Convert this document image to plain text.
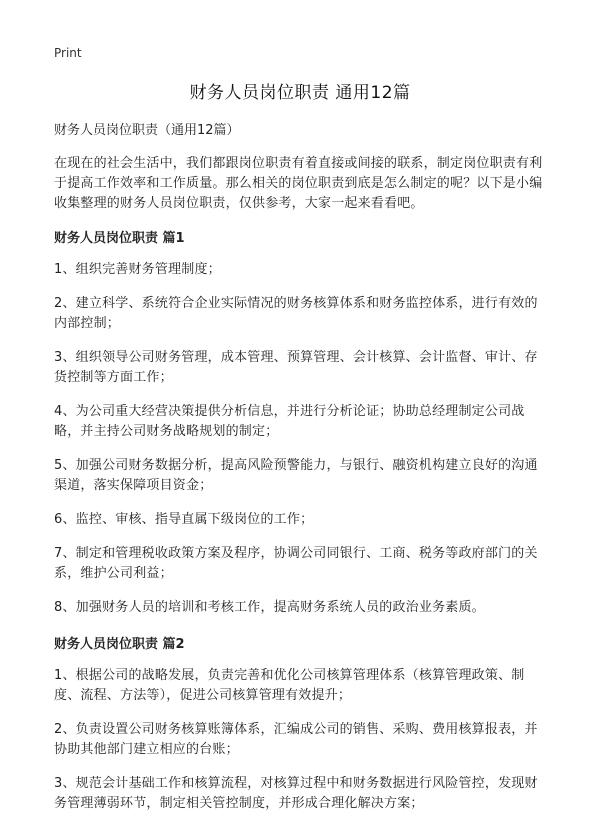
Print
财务人员岗位职责 通用12篇

财务人员岗位职责（通用12篇）

在现在的社会生活中，我们都跟岗位职责有着直接或间接的联系，制定岗位职责有利于提高工作效率和工作质量。那么相关的岗位职责到底是怎么制定的呢？以下是小编收集整理的财务人员岗位职责，仅供参考，大家一起来看看吧。

财务人员岗位职责 篇1

1、组织完善财务管理制度；

2、建立科学、系统符合企业实际情况的财务核算体系和财务监控体系，进行有效的内部控制；

3、组织领导公司财务管理，成本管理、预算管理、会计核算、会计监督、审计、存货控制等方面工作；

4、为公司重大经营决策提供分析信息，并进行分析论证；协助总经理制定公司战略，并主持公司财务战略规划的制定；

5、加强公司财务数据分析，提高风险预警能力，与银行、融资机构建立良好的沟通渠道，落实保障项目资金；

6、监控、审核、指导直属下级岗位的工作；

7、制定和管理税收政策方案及程序，协调公司同银行、工商、税务等政府部门的关系，维护公司利益；

8、加强财务人员的培训和考核工作，提高财务系统人员的政治业务素质。

财务人员岗位职责 篇2

1、根据公司的战略发展，负责完善和优化公司核算管理体系（核算管理政策、制度、流程、方法等），促进公司核算管理有效提升；

2、负责设置公司财务核算账簿体系，汇编成公司的销售、采购、费用核算报表，并协助其他部门建立相应的台账；

3、规范会计基础工作和核算流程，对核算过程中和财务数据进行风险管控，发现财务管理薄弱环节，制定相关管控制度，并形成合理化解决方案；
